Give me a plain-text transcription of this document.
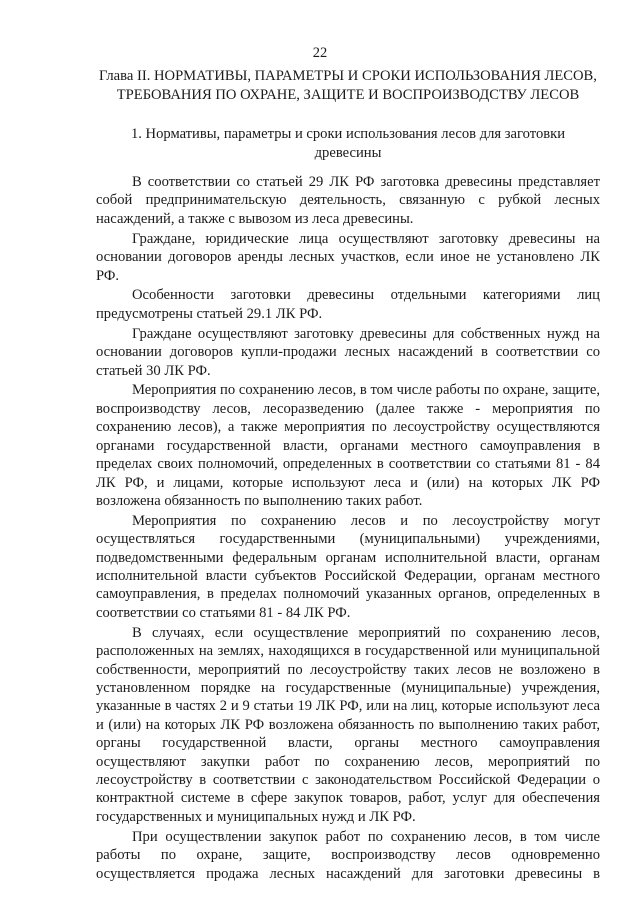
22
Глава II. НОРМАТИВЫ, ПАРАМЕТРЫ И СРОКИ ИСПОЛЬЗОВАНИЯ ЛЕСОВ, ТРЕБОВАНИЯ ПО ОХРАНЕ, ЗАЩИТЕ И ВОСПРОИЗВОДСТВУ ЛЕСОВ
1. Нормативы, параметры и сроки использования лесов для заготовки древесины

В соответствии со статьей 29 ЛК РФ заготовка древесины представляет собой предпринимательскую деятельность, связанную с рубкой лесных насаждений, а также с вывозом из леса древесины.

Граждане, юридические лица осуществляют заготовку древесины на основании договоров аренды лесных участков, если иное не установлено ЛК РФ.

Особенности заготовки древесины отдельными категориями лиц предусмотрены статьей 29.1 ЛК РФ.

Граждане осуществляют заготовку древесины для собственных нужд на основании договоров купли-продажи лесных насаждений в соответствии со статьей 30 ЛК РФ.

Мероприятия по сохранению лесов, в том числе работы по охране, защите, воспроизводству лесов, лесоразведению (далее также - мероприятия по сохранению лесов), а также мероприятия по лесоустройству осуществляются органами государственной власти, органами местного самоуправления в пределах своих полномочий, определенных в соответствии со статьями 81 - 84 ЛК РФ, и лицами, которые используют леса и (или) на которых ЛК РФ возложена обязанность по выполнению таких работ.

Мероприятия по сохранению лесов и по лесоустройству могут осуществляться государственными (муниципальными) учреждениями, подведомственными федеральным органам исполнительной власти, органам исполнительной власти субъектов Российской Федерации, органам местного самоуправления, в пределах полномочий указанных органов, определенных в соответствии со статьями 81 - 84 ЛК РФ.

В случаях, если осуществление мероприятий по сохранению лесов, расположенных на землях, находящихся в государственной или муниципальной собственности, мероприятий по лесоустройству таких лесов не возложено в установленном порядке на государственные (муниципальные) учреждения, указанные в частях 2 и 9 статьи 19 ЛК РФ, или на лиц, которые используют леса и (или) на которых ЛК РФ возложена обязанность по выполнению таких работ, органы государственной власти, органы местного самоуправления осуществляют закупки работ по сохранению лесов, мероприятий по лесоустройству в соответствии с законодательством Российской Федерации о контрактной системе в сфере закупок товаров, работ, услуг для обеспечения государственных и муниципальных нужд и ЛК РФ.

При осуществлении закупок работ по сохранению лесов, в том числе работы по охране, защите, воспроизводству лесов одновременно осуществляется продажа лесных насаждений для заготовки древесины в
